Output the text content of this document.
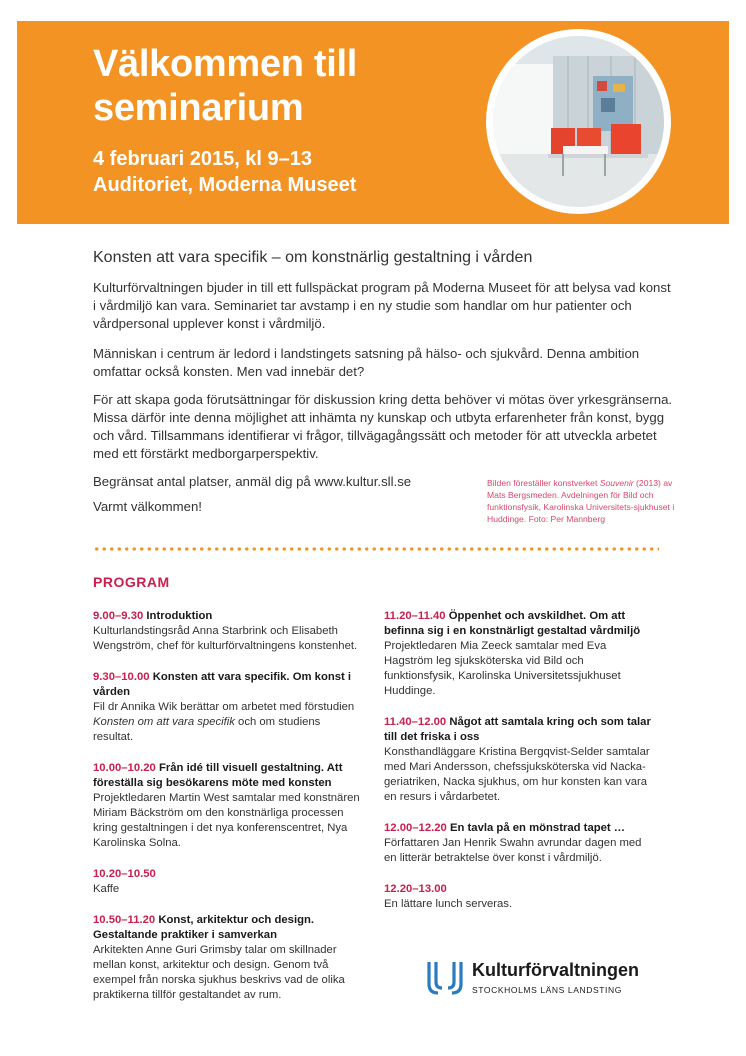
Välkommen till
seminarium
4 februari 2015, kl 9–13
Auditoriet, Moderna Museet
Konsten att vara specifik – om konstnärlig gestaltning i vården
Kulturförvaltningen bjuder in till ett fullspäckat program på Moderna Museet för att belysa vad konst i vårdmiljö kan vara. Seminariet tar avstamp i en ny studie som handlar om hur patienter och vårdpersonal upplever konst i vårdmiljö.
Människan i centrum är ledord i landstingets satsning på hälso- och sjukvård. Denna ambition omfattar också konsten. Men vad innebär det?
För att skapa goda förutsättningar för diskussion kring detta behöver vi mötas över yrkesgränserna. Missa därför inte denna möjlighet att inhämta ny kunskap och utbyta erfarenheter från konst, bygg och vård. Tillsammans identifierar vi frågor, tillvägagångssätt och metoder för att utveckla arbetet med ett förstärkt medborgarperspektiv.
Begränsat antal platser, anmäl dig på www.kultur.sll.se
Varmt välkommen!
Bilden föreställer konstverket Souvenir (2013) av Mats Bergsmeden. Avdelningen för Bild och funktionsfysik, Karolinska Universitets-sjukhuset i Huddinge. Foto: Per Mannberg
PROGRAM
9.00–9.30 Introduktion
Kulturlandstingsråd Anna Starbrink och Elisabeth Wengström, chef för kulturförvaltningens konstenhet.
9.30–10.00 Konsten att vara specifik. Om konst i vården
Fil dr Annika Wik berättar om arbetet med förstudien Konsten om att vara specifik och om studiens resultat.
10.00–10.20 Från idé till visuell gestaltning. Att föreställa sig besökarens möte med konsten
Projektledaren Martin West samtalar med konstnären Miriam Bäckström om den konstnärliga processen kring gestaltningen i det nya konferenscentret, Nya Karolinska Solna.
10.20–10.50
Kaffe
10.50–11.20 Konst, arkitektur och design. Gestaltande praktiker i samverkan
Arkitekten Anne Guri Grimsby talar om skillnader mellan konst, arkitektur och design. Genom två exempel från norska sjukhus beskrivs vad de olika praktikerna tillför gestaltandet av rum.
11.20–11.40 Öppenhet och avskildhet. Om att befinna sig i en konstnärligt gestaltad vårdmiljö
Projektledaren Mia Zeeck samtalar med Eva Hagström leg sjuksköterska vid Bild och funktionsfysik, Karolinska Universitetssjukhuset Huddinge.
11.40–12.00 Något att samtala kring och som talar till det friska i oss
Konsthandläggare Kristina Bergqvist-Selder samtalar med Mari Andersson, chefssjuksköterska vid Nacka-geriatriken, Nacka sjukhus, om hur konsten kan vara en resurs i vårdarbetet.
12.00–12.20 En tavla på en mönstrad tapet …
Författaren Jan Henrik Swahn avrundar dagen med en litterär betraktelse över konst i vårdmiljö.
12.20–13.00
En lättare lunch serveras.
Kulturförvaltningen
STOCKHOLMS LÄNS LANDSTING
